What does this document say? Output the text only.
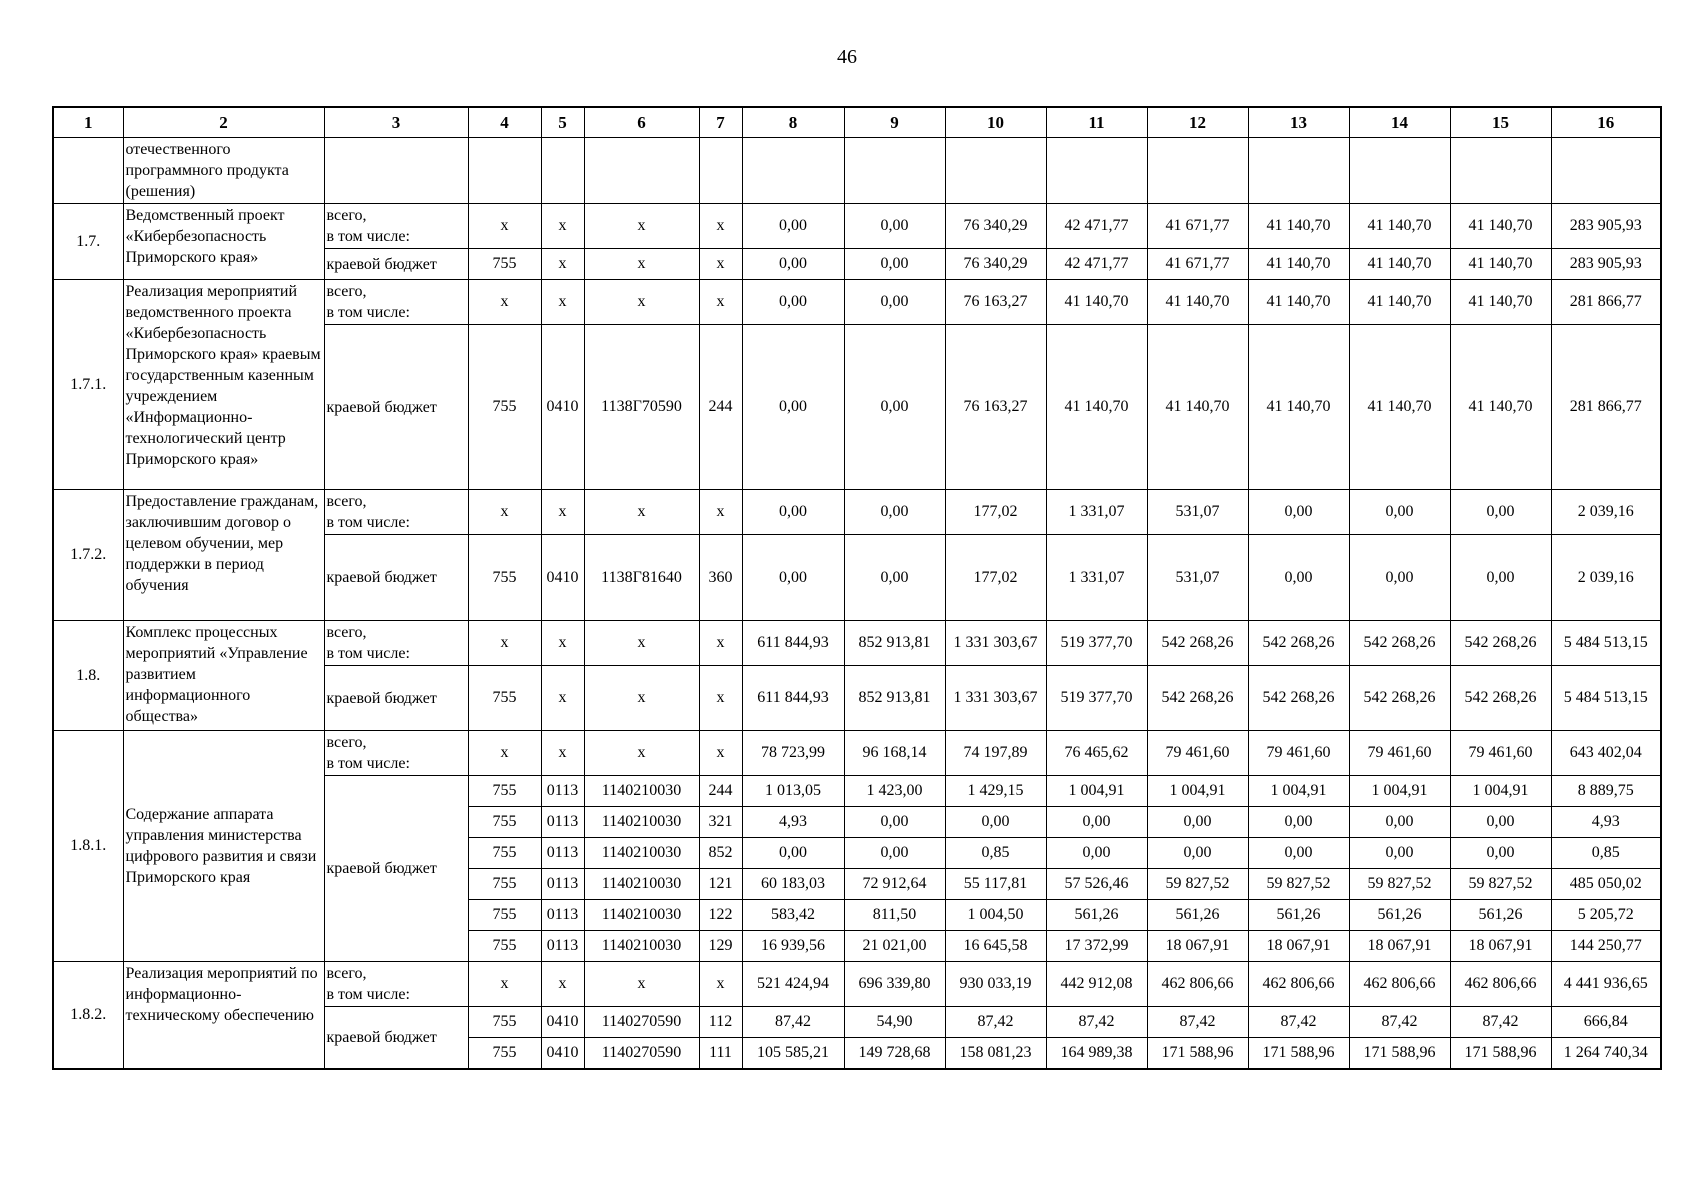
46
1	2	3	4	5	6	7	8	9	10	11	12	13	14	15	16
	отечественного программного продукта (решения)														
1.7.	Ведомственный проект «Кибербезопасность Приморского края»	всего,
в том числе:	x	x	x	x	0,00	0,00	76 340,29	42 471,77	41 671,77	41 140,70	41 140,70	41 140,70	283 905,93
		краевой бюджет	755	x	x	x	0,00	0,00	76 340,29	42 471,77	41 671,77	41 140,70	41 140,70	41 140,70	283 905,93
1.7.1.	Реализация мероприятий ведомственного проекта «Кибербезопасность Приморского края» краевым государственным казенным учреждением «Информационно-технологический центр Приморского края»	всего,
в том числе:	x	x	x	x	0,00	0,00	76 163,27	41 140,70	41 140,70	41 140,70	41 140,70	41 140,70	281 866,77
		краевой бюджет	755	0410	1138Г70590	244	0,00	0,00	76 163,27	41 140,70	41 140,70	41 140,70	41 140,70	41 140,70	281 866,77
1.7.2.	Предоставление гражданам, заключившим договор о целевом обучении, мер поддержки в период обучения	всего,
в том числе:	x	x	x	x	0,00	0,00	177,02	1 331,07	531,07	0,00	0,00	0,00	2 039,16
		краевой бюджет	755	0410	1138Г81640	360	0,00	0,00	177,02	1 331,07	531,07	0,00	0,00	0,00	2 039,16
1.8.	Комплекс процессных мероприятий «Управление развитием информационного общества»	всего,
в том числе:	x	x	x	x	611 844,93	852 913,81	1 331 303,67	519 377,70	542 268,26	542 268,26	542 268,26	542 268,26	5 484 513,15
		краевой бюджет	755	x	x	x	611 844,93	852 913,81	1 331 303,67	519 377,70	542 268,26	542 268,26	542 268,26	542 268,26	5 484 513,15
1.8.1.	Содержание аппарата управления министерства цифрового развития и связи Приморского края	всего,
в том числе:	x	x	x	x	78 723,99	96 168,14	74 197,89	76 465,62	79 461,60	79 461,60	79 461,60	79 461,60	643 402,04
		краевой бюджет	755	0113	1140210030	244	1 013,05	1 423,00	1 429,15	1 004,91	1 004,91	1 004,91	1 004,91	1 004,91	8 889,75
			755	0113	1140210030	321	4,93	0,00	0,00	0,00	0,00	0,00	0,00	0,00	4,93
			755	0113	1140210030	852	0,00	0,00	0,85	0,00	0,00	0,00	0,00	0,00	0,85
			755	0113	1140210030	121	60 183,03	72 912,64	55 117,81	57 526,46	59 827,52	59 827,52	59 827,52	59 827,52	485 050,02
			755	0113	1140210030	122	583,42	811,50	1 004,50	561,26	561,26	561,26	561,26	561,26	5 205,72
			755	0113	1140210030	129	16 939,56	21 021,00	16 645,58	17 372,99	18 067,91	18 067,91	18 067,91	18 067,91	144 250,77
1.8.2.	Реализация мероприятий по информационно-техническому обеспечению	всего,
в том числе:	x	x	x	x	521 424,94	696 339,80	930 033,19	442 912,08	462 806,66	462 806,66	462 806,66	462 806,66	4 441 936,65
		краевой бюджет	755	0410	1140270590	112	87,42	54,90	87,42	87,42	87,42	87,42	87,42	87,42	666,84
			755	0410	1140270590	111	105 585,21	149 728,68	158 081,23	164 989,38	171 588,96	171 588,96	171 588,96	171 588,96	1 264 740,34
